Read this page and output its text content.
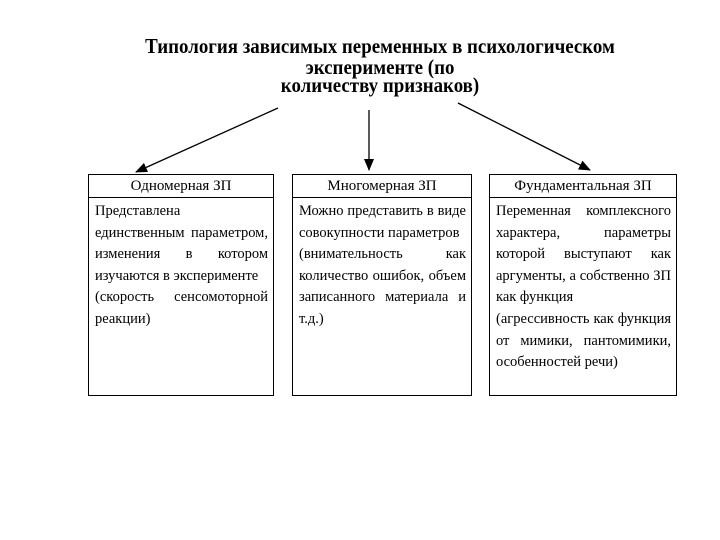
Типология зависимых переменных в психологическом эксперименте (по
количеству признаков)
Одномерная ЗП

Представлена единственным параметром, изменения в котором изучаются в эксперименте

(скорость сенсомоторной реакции)

Многомерная ЗП

Можно представить в виде совокупности параметров

(внимательность как количество ошибок, объем записанного материала и т.д.)

Фундаментальная ЗП

Переменная комплексного характера, параметры которой выступают как аргументы, а собственно ЗП как функция

(агрессивность как функция от мимики, пантомимики, особенностей речи)
